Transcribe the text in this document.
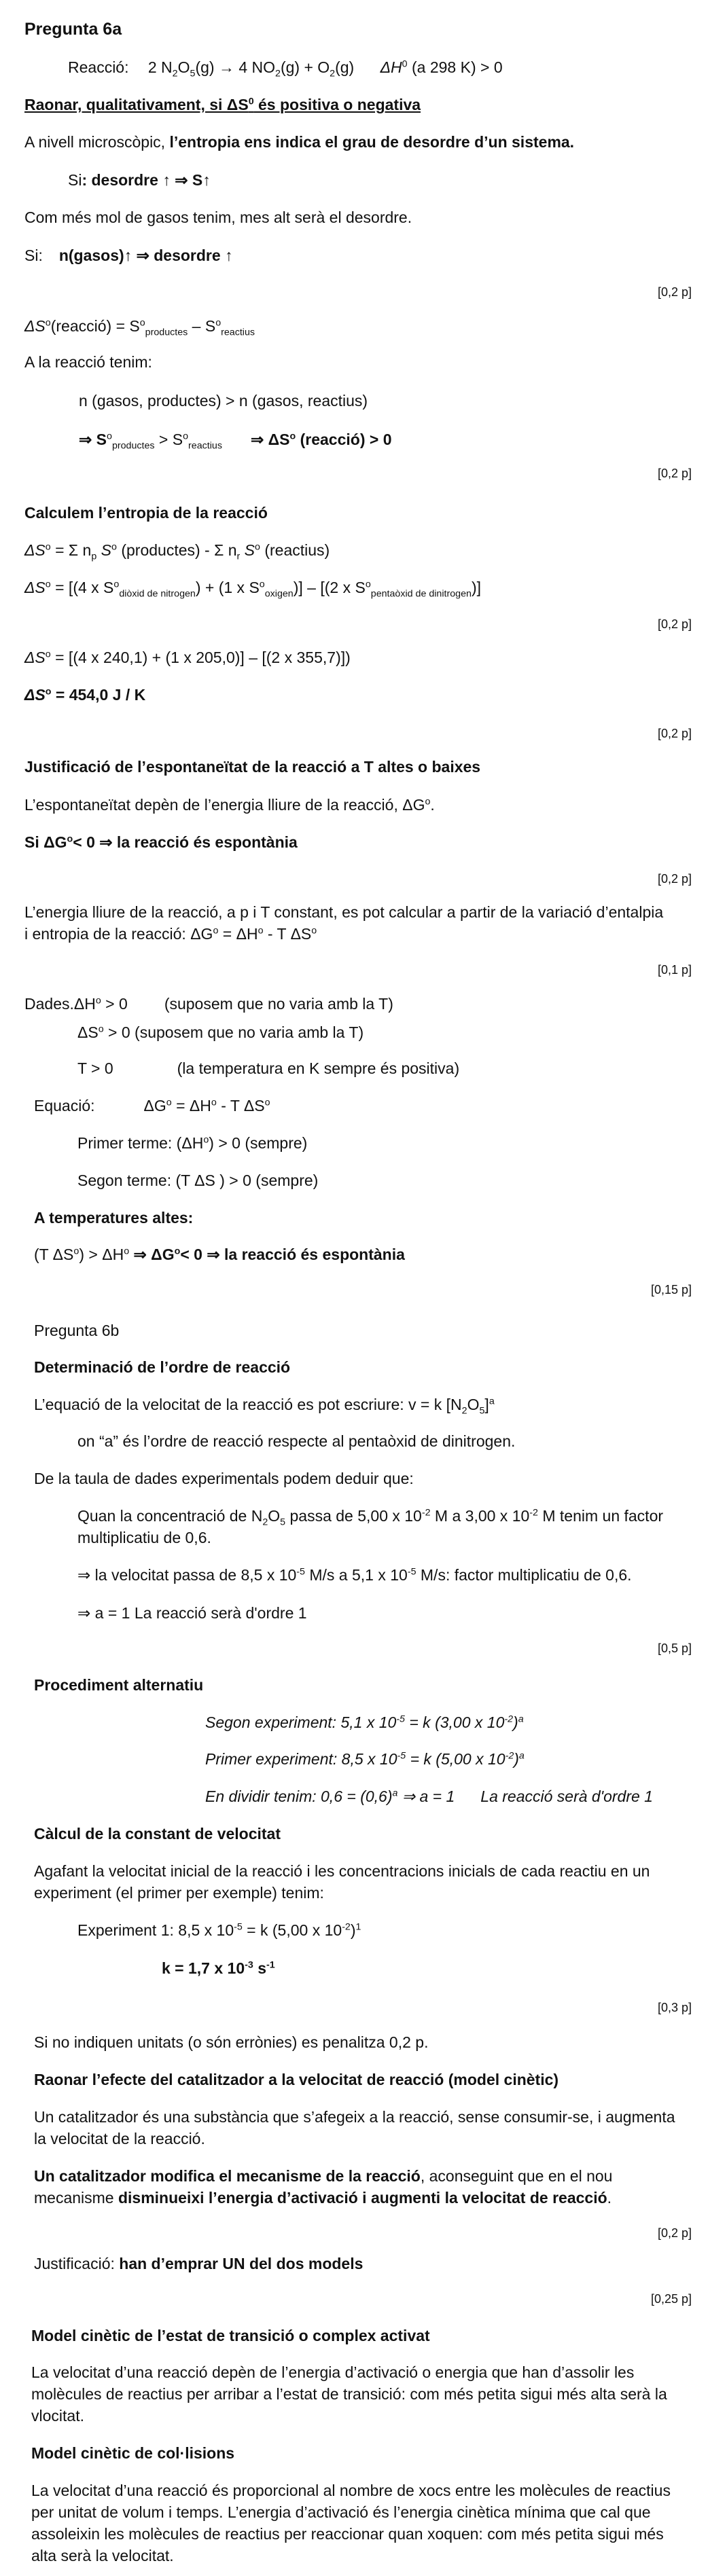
Pregunta 6a
Reacció: 2 $N_2O_5(g) \to 4$ $NO_2(g) + O_2(g)$ $\Delta H^0$ (a 298 K) > 0
Raonar, qualitativament, si $\Delta S^0$ és positiva o negativa
A nivell microscòpic, l’entropia ens indica el grau de desordre d’un sistema.
Si: desordre ↑ ⇒ S↑
Com més mol de gasos tenim, mes alt serà el desordre.
Si: n(gasos)↑ ⇒ desordre ↑
[0,2 p]
$\Delta S^o(reacció) = S^o_{productes} - S^o_{reactius}$
A la reacció tenim:
n (gasos, productes) > n (gasos, reactius)
⇒ $S^o_{productes} > S^o_{reactius}$ ⇒ $\Delta S^o$ (reacció) > 0
[0,2 p]
Calculem l’entropia de la reacció
$\Delta S^o = \Sigma$ $n_p$ $S^o$ (productes) - Σ $n_r$ $S^o$ (reactius)
$\Delta S^o = [(4$ x $S^o_{diòxid de nitrogen}) + (1$ x $S^o_{oxigen})] - [(2$ x $S^o_{pentaòxid de dinitrogen}$)]
[0,2 p]
$\Delta S^o = [(4$ x 240,1) + (1 x 205,0)] – [(2 x 355,7)])
$\Delta S^o = 454,0$ J / K
[0,2 p]
Justificació de l’espontaneïtat de la reacció a T altes o baixes
L’espontaneïtat depèn de l’energia lliure de la reacció, $\Delta G^o$.
Si $\Delta G^o< 0$ ⇒ la reacció és espontània
[0,2 p]
L’energia lliure de la reacció, a p i T constant, es pot calcular a partir de la variació d’entalpia
i entropia de la reacció: $\Delta G^o = \Delta H^o - T$ $\Delta S^o$
[0,1 p]
$Dades.\Delta H^o > 0$ (suposem que no varia amb la T)
$\Delta S^o > 0$ (suposem que no varia amb la T)
T > 0	(la temperatura en K sempre és positiva)
Equació:	$\Delta G^o = \Delta H^o - T$ $\Delta S^o$
Primer terme: $(\Delta H^o) > 0$ (sempre)
Segon terme: (T ΔS ) > 0 (sempre)
A temperatures altes:
(T $\Delta S^o) > \Delta H^o$ ⇒ $\Delta G^o< 0$ ⇒ la reacció és espontània
[0,15 p]
Pregunta 6b
Determinació de l’ordre de reacció
L’equació de la velocitat de la reacció es pot escriure: v = k $[N_2O_5]^a$
on “a” és l’ordre de reacció respecte al pentaòxid de dinitrogen.
De la taula de dades experimentals podem deduir que:
Quan la concentració de $N_2O_5$ passa de 5,00 x $10^{-2}$ M a 3,00 x $10^{-2}$ M tenim un factor
multiplicatiu de 0,6.
⇒ la velocitat passa de 8,5 x $10^{-5}$ M/s a 5,1 x $10^{-5}$ M/s: factor multiplicatiu de 0,6.
⇒ a = 1 La reacció serà d'ordre 1
[0,5 p]
Procediment alternatiu
Segon experiment: 5,1 x $10^{-5} = k$ (3,00 x $10^{-2})^a$
Primer experiment: 8,5 x $10^{-5} = k$ (5,00 x $10^{-2})^a$
En dividir tenim: $0,6 = (0,6)^a$ ⇒ a = 1 La reacció serà d'ordre 1
Càlcul de la constant de velocitat
Agafant la velocitat inicial de la reacció i les concentracions inicials de cada reactiu en un
experiment (el primer per exemple) tenim:
Experiment 1: 8,5 x $10^{-5} = k$ (5,00 x $10^{-2})^1$
k = 1,7 x $10^{-3}$ $s^{-1}$
[0,3 p]
Si no indiquen unitats (o són errònies) es penalitza 0,2 p.
Raonar l’efecte del catalitzador a la velocitat de reacció (model cinètic)
Un catalitzador és una substància que s’afegeix a la reacció, sense consumir-se, i augmenta
la velocitat de la reacció.
Un catalitzador modifica el mecanisme de la reacció, aconseguint que en el nou
mecanisme disminueixi l’energia d’activació i augmenti la velocitat de reacció.
[0,2 p]
Justificació: han d’emprar UN del dos models
[0,25 p]
Model cinètic de l’estat de transició o complex activat
La velocitat d’una reacció depèn de l’energia d’activació o energia que han d’assolir les
molècules de reactius per arribar a l’estat de transició: com més petita sigui més alta serà la
vlocitat.
Model cinètic de col·lisions
La velocitat d’una reacció és proporcional al nombre de xocs entre les molècules de reactius
per unitat de volum i temps. L’energia d’activació és l’energia cinètica mínima que cal que
assoleixin les molècules de reactius per reaccionar quan xoquen: com més petita sigui més
alta serà la velocitat.
